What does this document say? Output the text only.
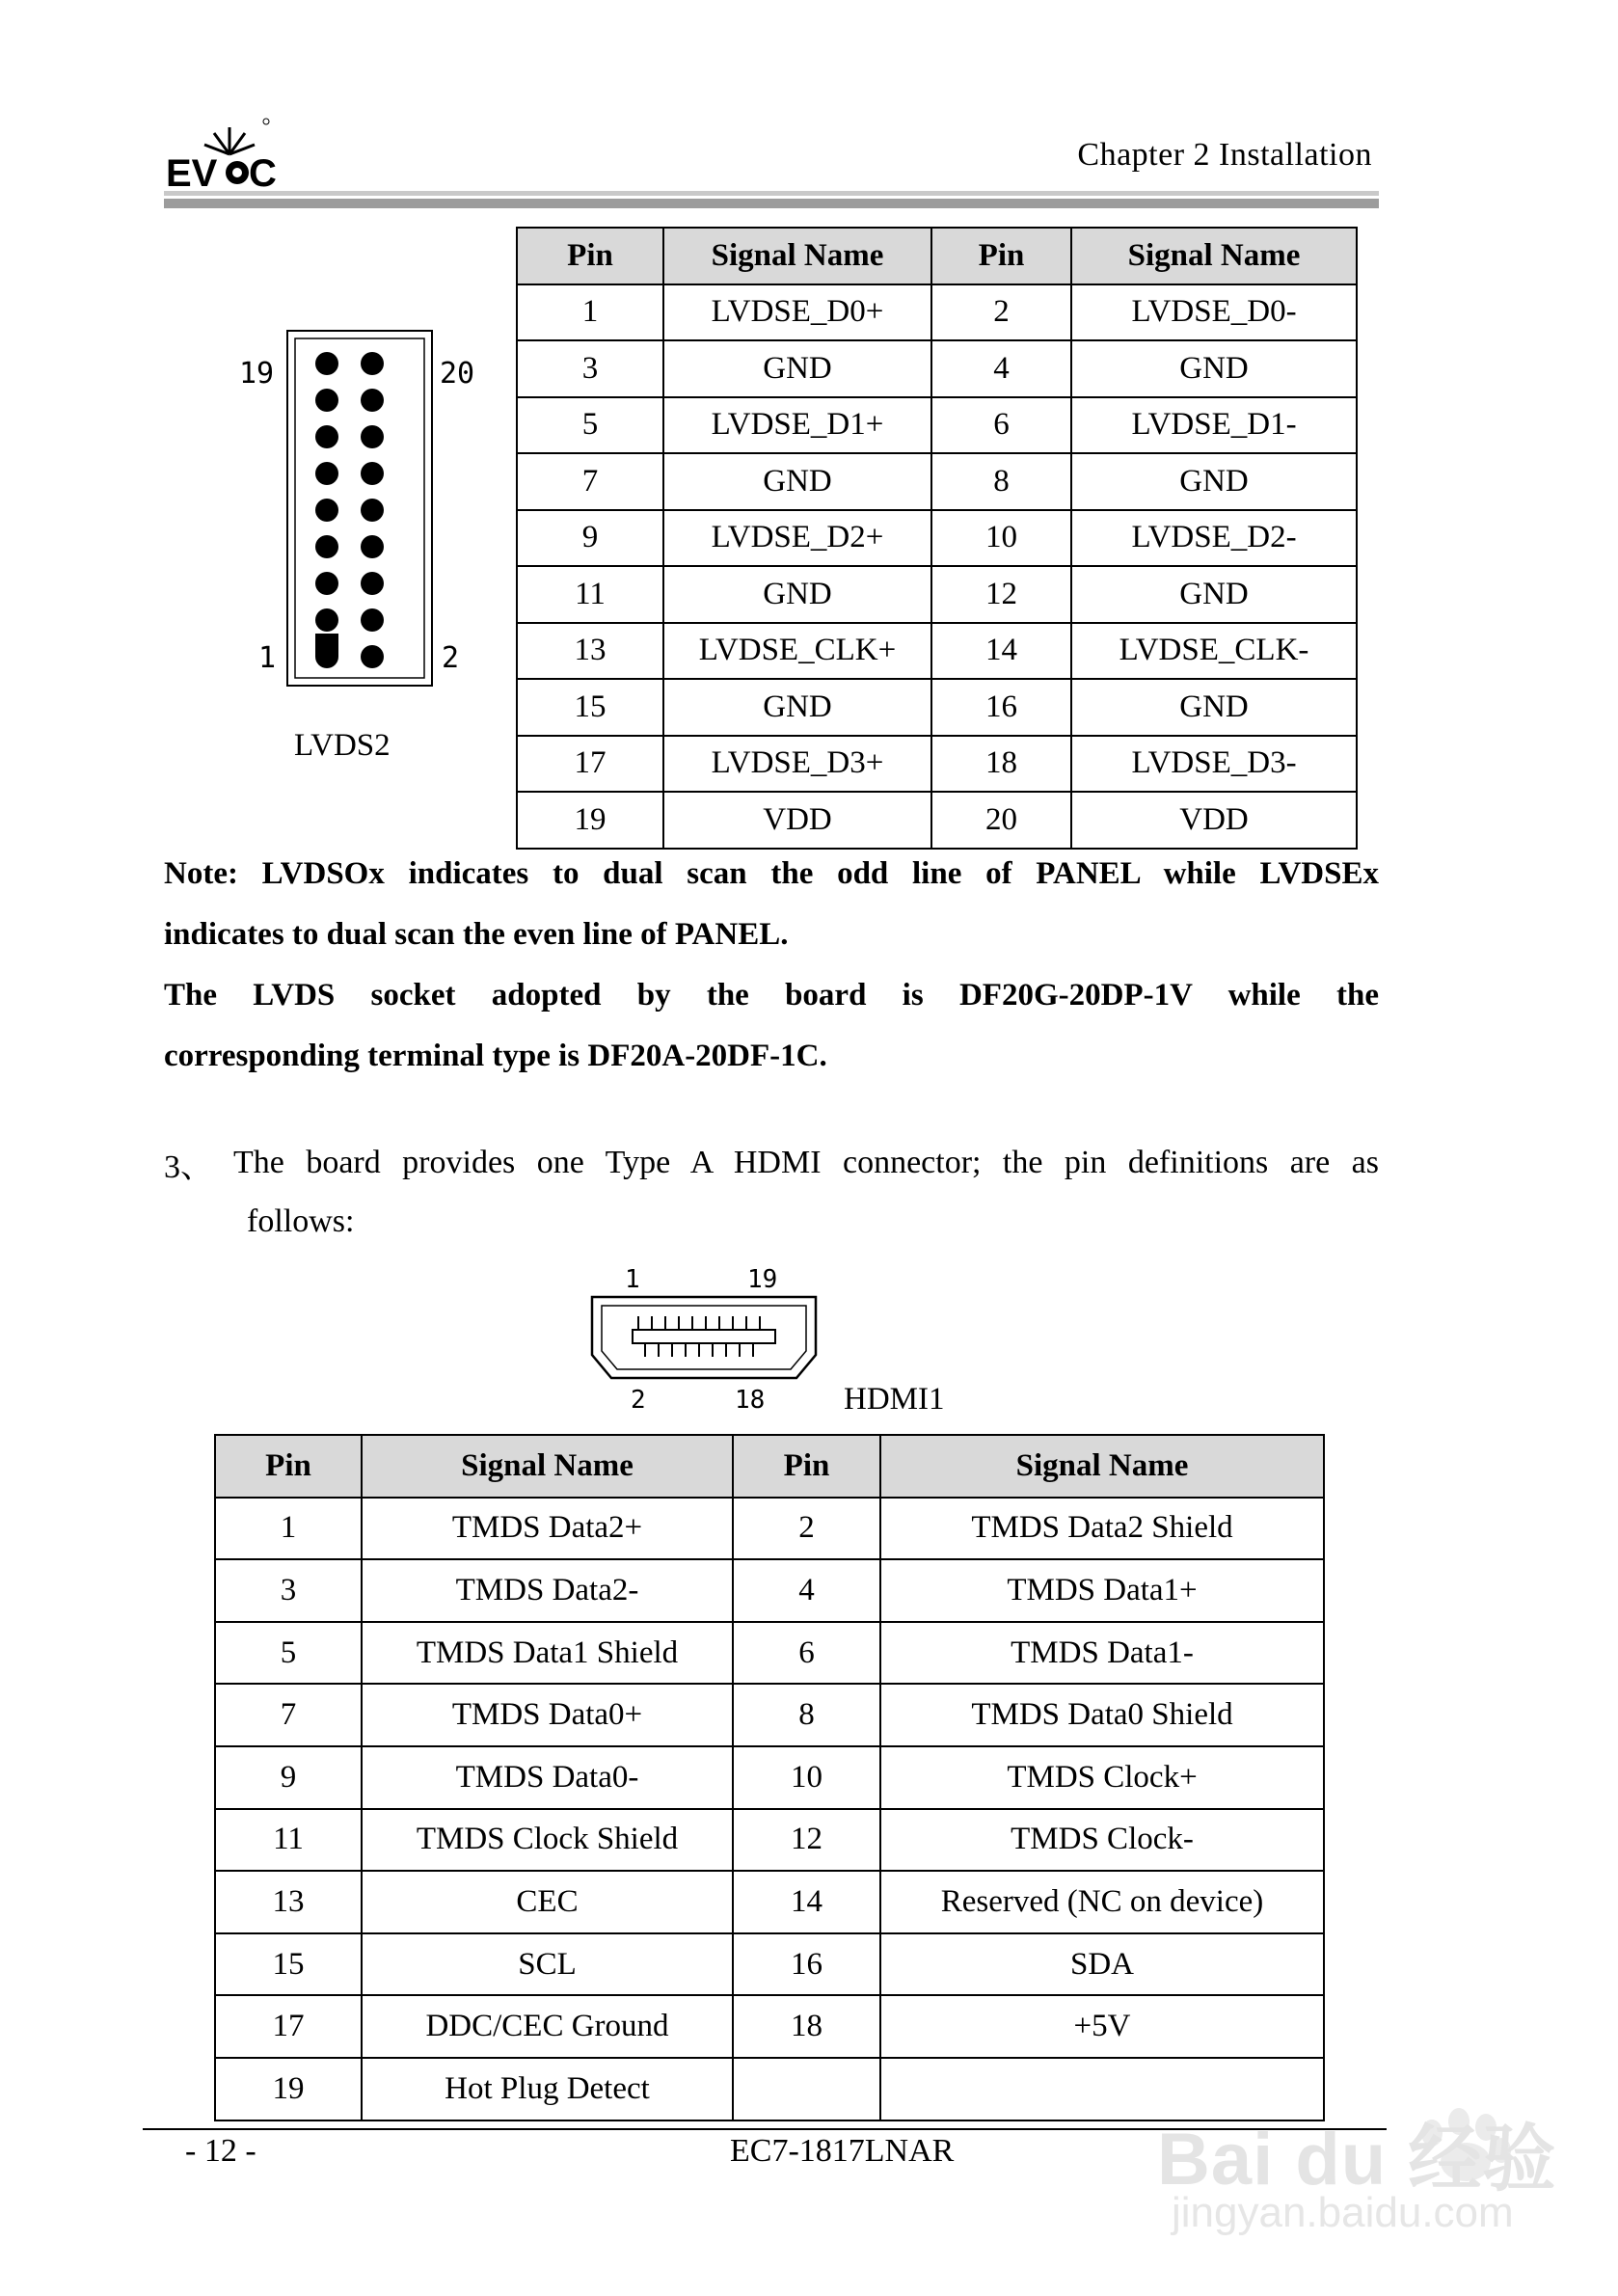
EV C	Chapter 2 Installation
19	20
1	2
LVDS2
Pin	Signal Name	Pin	Signal Name
1	LVDSE_D0+	2	LVDSE_D0-
3	GND	4	GND
5	LVDSE_D1+	6	LVDSE_D1-
7	GND	8	GND
9	LVDSE_D2+	10	LVDSE_D2-
11	GND	12	GND
13	LVDSE_CLK+	14	LVDSE_CLK-
15	GND	16	GND
17	LVDSE_D3+	18	LVDSE_D3-
19	VDD	20	VDD
Note: LVDSOx indicates to dual scan the odd line of PANEL while LVDSEx
indicates to dual scan the even line of PANEL.
The LVDS socket adopted by the board is DF20G-20DP-1V while the
corresponding terminal type is DF20A-20DF-1C.
3、 The board provides one Type A HDMI connector; the pin definitions are as
follows:
1	19
2	18 HDMI1
Pin	Signal Name	Pin	Signal Name
1	TMDS Data2+	2	TMDS Data2 Shield
3	TMDS Data2-	4	TMDS Data1+
5	TMDS Data1 Shield	6	TMDS Data1-
7	TMDS Data0+	8	TMDS Data0 Shield
9	TMDS Data0-	10	TMDS Clock+
11	TMDS Clock Shield	12	TMDS Clock-
13	CEC	14	Reserved (NC on device)
15	SCL	16	SDA
17	DDC/CEC Ground	18	+5V
19	Hot Plug Detect		
- 12 -	EC7-1817LNAR	Bai du 经验
jingyan.baidu.com
